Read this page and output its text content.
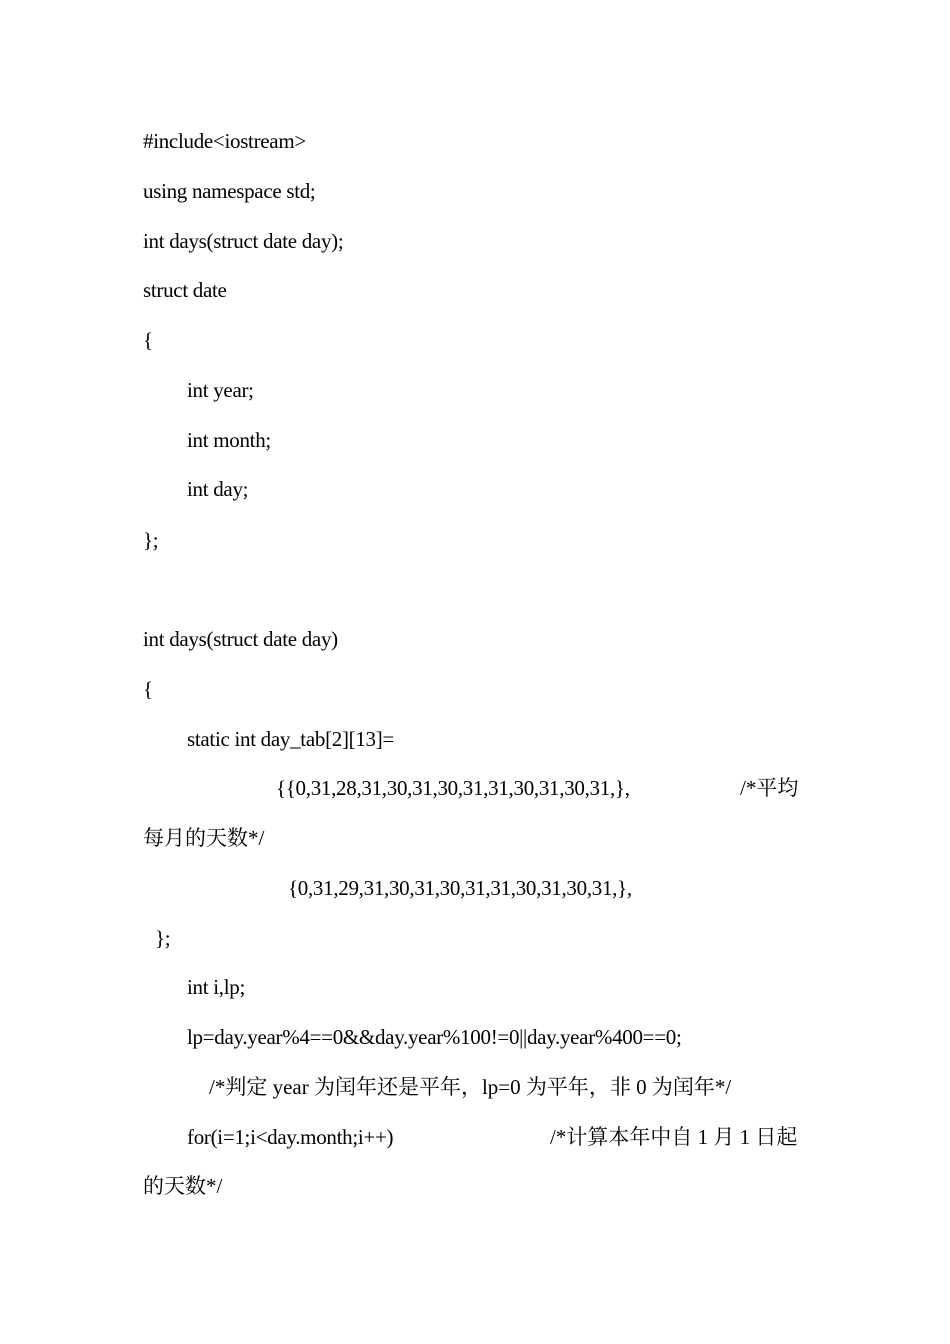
#include<iostream>
using namespace std;
int days(struct date day);
struct date
{
int year;
int month;
int day;
};
int days(struct date day)
{
static int day_tab[2][13]=
{{0,31,28,31,30,31,30,31,31,30,31,30,31,},	/*平均
每月的天数*/
{0,31,29,31,30,31,30,31,31,30,31,30,31,},
};
int i,lp;
lp=day.year%4==0&&day.year%100!=0||day.year%400==0;
/*判定 year 为闰年还是平年，lp=0 为平年，非 0 为闰年*/
for(i=1;i<day.month;i++)	/*计算本年中自 1 月 1 日起
的天数*/
